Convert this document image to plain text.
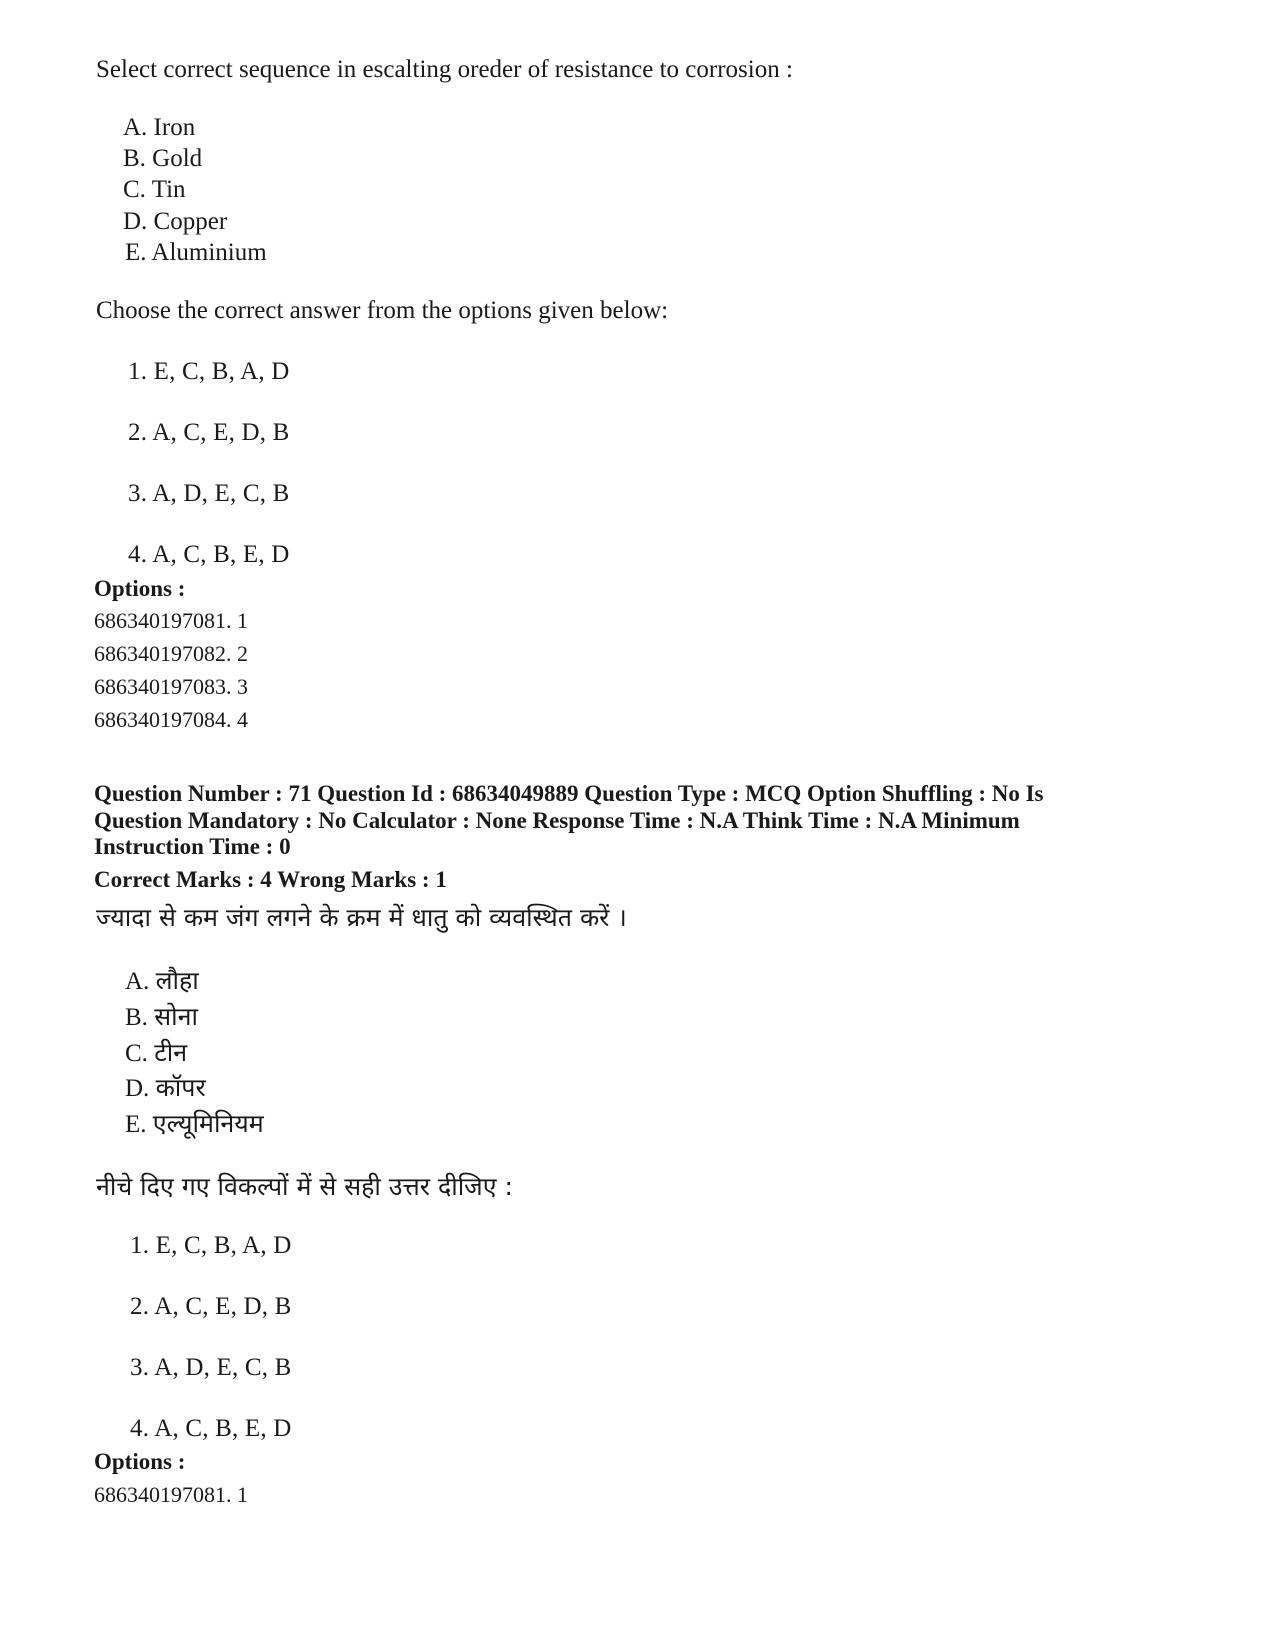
Select correct sequence in escalting oreder of resistance to corrosion :
A. Iron
B. Gold
C. Tin
D. Copper
E. Aluminium
Choose the correct answer from the options given below:
1. E, C, B, A, D
2. A, C, E, D, B
3. A, D, E, C, B
4. A, C, B, E, D
Options :
686340197081. 1
686340197082. 2
686340197083. 3
686340197084. 4
Question Number : 71 Question Id : 68634049889 Question Type : MCQ Option Shuffling : No Is
Question Mandatory : No Calculator : None Response Time : N.A Think Time : N.A Minimum
Instruction Time : 0
Correct Marks : 4 Wrong Marks : 1
ज्यादा से कम जंग लगने के क्रम में धातु को व्यवस्थित करें ।
A. लौहा
B. सोना
C. टीन
D. कॉपर
E. एल्यूमिनियम
नीचे दिए गए विकल्पों में से सही उत्तर दीजिए :
1. E, C, B, A, D
2. A, C, E, D, B
3. A, D, E, C, B
4. A, C, B, E, D
Options :
686340197081. 1
